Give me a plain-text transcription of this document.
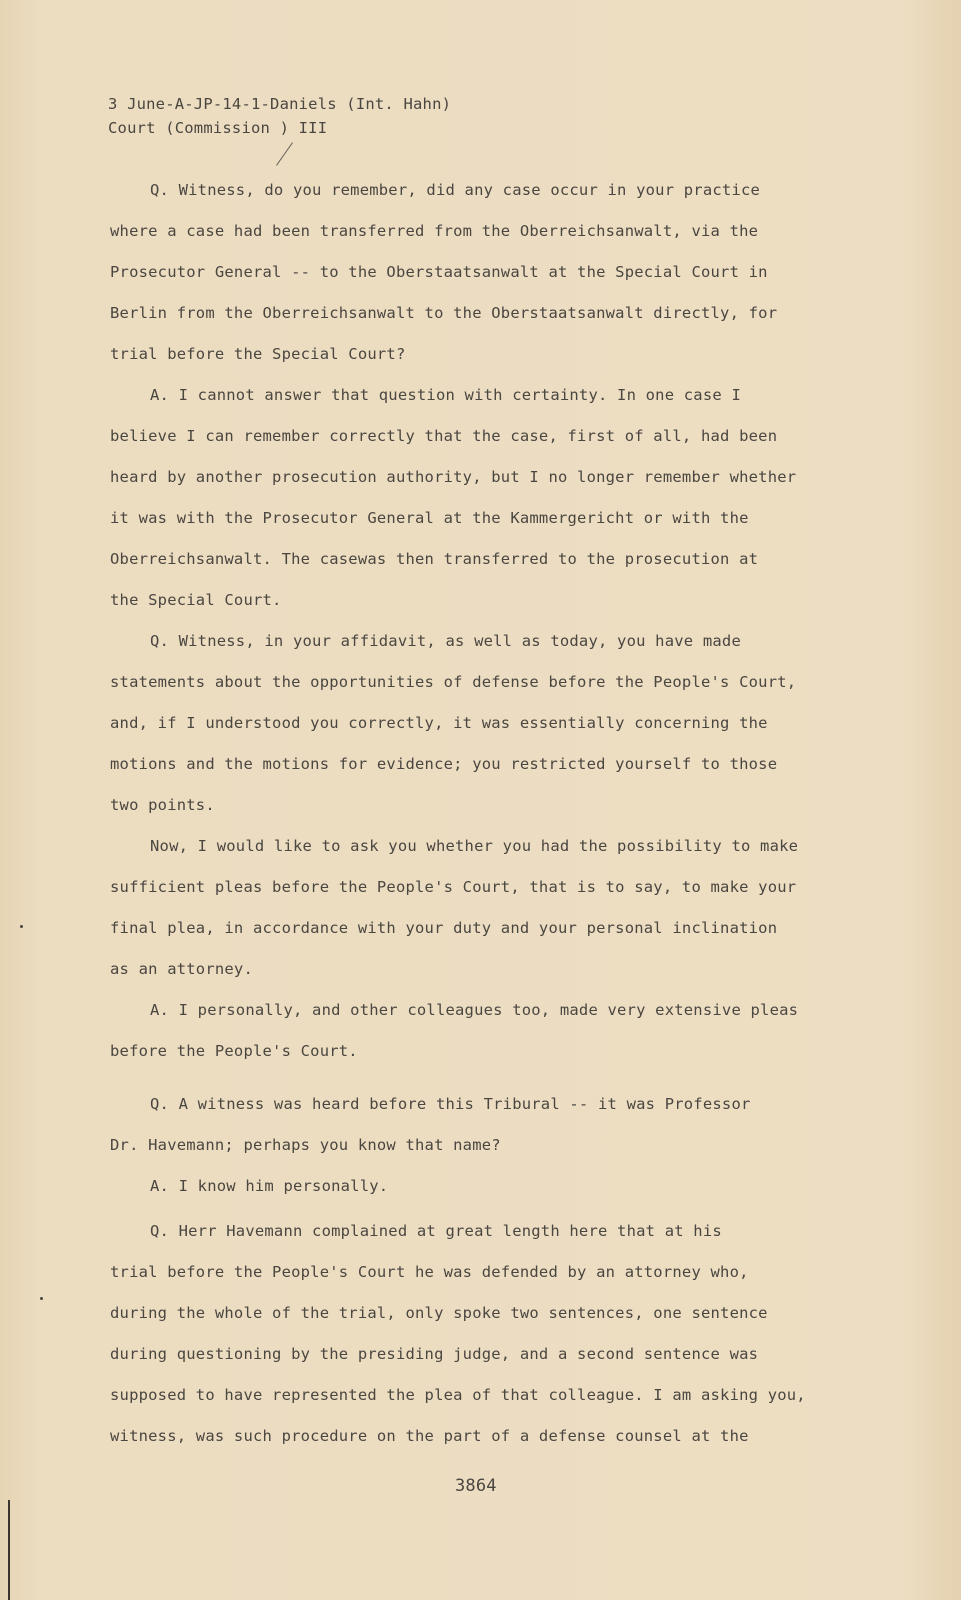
3 June-A-JP-14-1-Daniels (Int. Hahn)
Court (Commission ) III
Q. Witness, do you remember, did any case occur in your practice
where a case had been transferred from the Oberreichsanwalt, via the
Prosecutor General -- to the Oberstaatsanwalt at the Special Court in
Berlin from the Oberreichsanwalt to the Oberstaatsanwalt directly, for
trial before the Special Court?
A. I cannot answer that question with certainty. In one case I
believe I can remember correctly that the case, first of all, had been
heard by another prosecution authority, but I no longer remember whether
it was with the Prosecutor General at the Kammergericht or with the
Oberreichsanwalt. The casewas then transferred to the prosecution at
the Special Court.
Q. Witness, in your affidavit, as well as today, you have made
statements about the opportunities of defense before the People's Court,
and, if I understood you correctly, it was essentially concerning the
motions and the motions for evidence; you restricted yourself to those
two points.
Now, I would like to ask you whether you had the possibility to make
sufficient pleas before the People's Court, that is to say, to make your
final plea, in accordance with your duty and your personal inclination
as an attorney.
A. I personally, and other colleagues too, made very extensive pleas
before the People's Court.
Q. A witness was heard before this Tribural -- it was Professor
Dr. Havemann; perhaps you know that name?
A. I know him personally.
Q. Herr Havemann complained at great length here that at his
trial before the People's Court he was defended by an attorney who,
during the whole of the trial, only spoke two sentences, one sentence
during questioning by the presiding judge, and a second sentence was
supposed to have represented the plea of that colleague. I am asking you,
witness, was such procedure on the part of a defense counsel at the
3864
